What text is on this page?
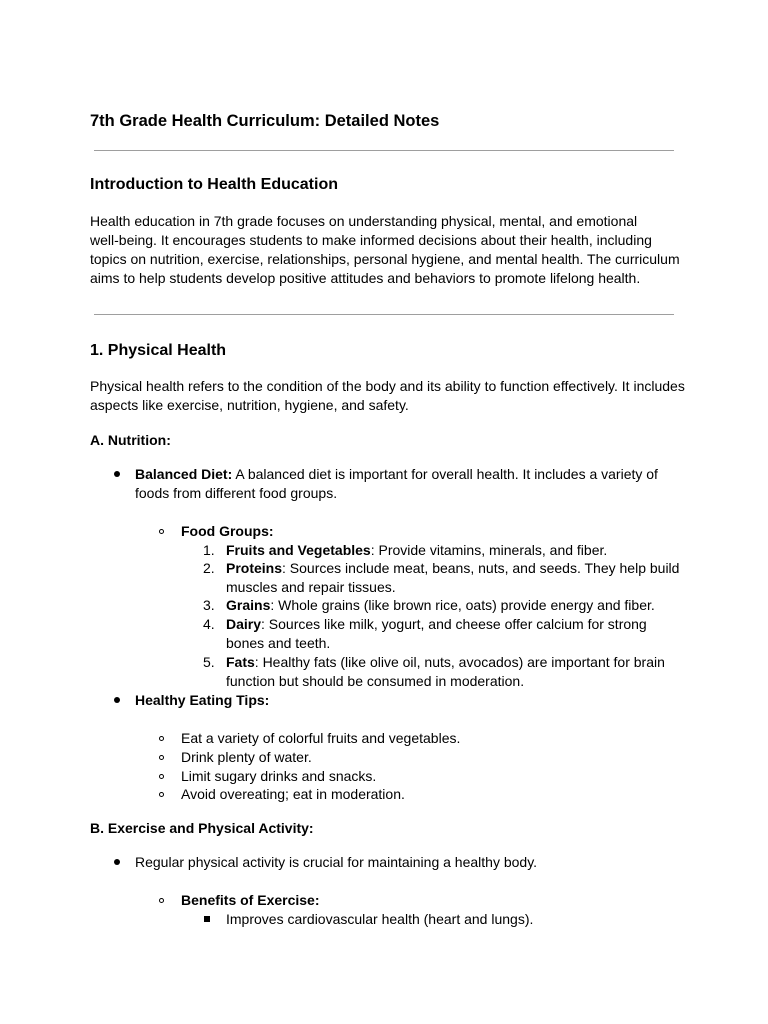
7th Grade Health Curriculum: Detailed Notes
Introduction to Health Education

Health education in 7th grade focuses on understanding physical, mental, and emotional

well-being. It encourages students to make informed decisions about their health, including

topics on nutrition, exercise, relationships, personal hygiene, and mental health. The curriculum

aims to help students develop positive attitudes and behaviors to promote lifelong health.

1. Physical Health

Physical health refers to the condition of the body and its ability to function effectively. It includes

aspects like exercise, nutrition, hygiene, and safety.

A. Nutrition:

Balanced Diet: A balanced diet is important for overall health. It includes a variety of

foods from different food groups.

Food Groups:

1. Fruits and Vegetables: Provide vitamins, minerals, and fiber.

2. Proteins: Sources include meat, beans, nuts, and seeds. They help build

muscles and repair tissues.

3. Grains: Whole grains (like brown rice, oats) provide energy and fiber.

4. Dairy: Sources like milk, yogurt, and cheese offer calcium for strong

bones and teeth.

5. Fats: Healthy fats (like olive oil, nuts, avocados) are important for brain

function but should be consumed in moderation.

Healthy Eating Tips:

Eat a variety of colorful fruits and vegetables.

Drink plenty of water.

Limit sugary drinks and snacks.

Avoid overeating; eat in moderation.

B. Exercise and Physical Activity:

Regular physical activity is crucial for maintaining a healthy body.

Benefits of Exercise:

Improves cardiovascular health (heart and lungs).
